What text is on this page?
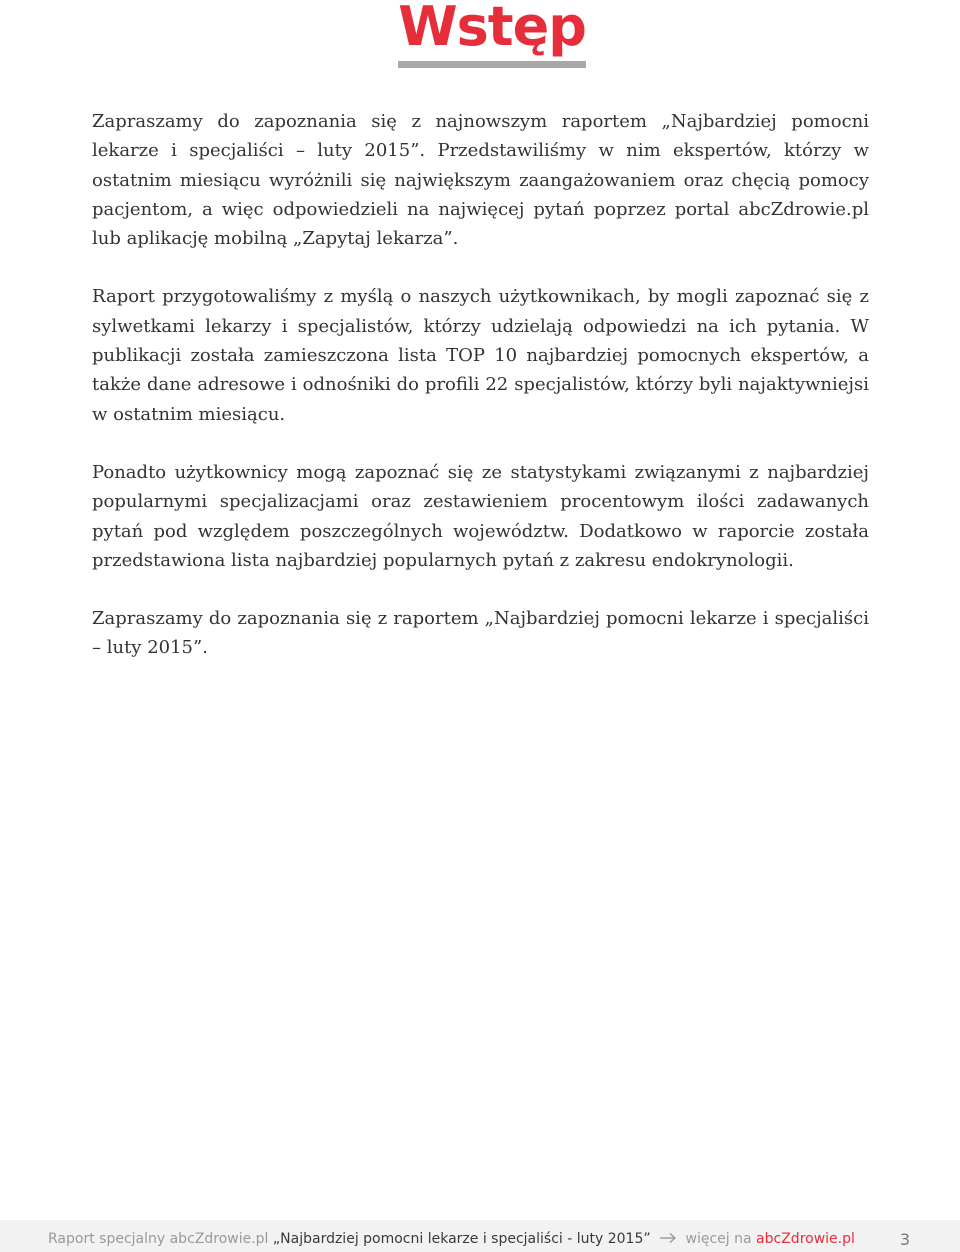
Wstęp

Zapraszamy do zapoznania się z najnowszym raportem „Najbardziej pomocni lekarze i specjaliści – luty 2015”. Przedstawiliśmy w nim ekspertów, którzy w ostatnim miesiącu wyróżnili się największym zaangażowaniem oraz chęcią pomocy pacjentom, a więc odpowiedzieli na najwięcej pytań poprzez portal abcZdrowie.pl lub aplikację mobilną „Zapytaj lekarza”.

Raport przygotowaliśmy z myślą o naszych użytkownikach, by mogli zapoznać się z sylwetkami lekarzy i specjalistów, którzy udzielają odpowiedzi na ich pytania. W publikacji została zamieszczona lista TOP 10 najbardziej pomocnych ekspertów, a także dane adresowe i odnośniki do profili 22 specjalistów, którzy byli najaktywniejsi w ostatnim miesiącu.

Ponadto użytkownicy mogą zapoznać się ze statystykami związanymi z najbardziej popularnymi specjalizacjami oraz zestawieniem procentowym ilości zadawanych pytań pod względem poszczególnych województw. Dodatkowo w raporcie została przedstawiona lista najbardziej popularnych pytań z zakresu endokrynologii.

Zapraszamy do zapoznania się z raportem „Najbardziej pomocni lekarze i specjaliści – luty 2015”.

Raport specjalny abcZdrowie.pl „Najbardziej pomocni lekarze i specjaliści - luty 2015” więcej na abcZdrowie.pl	3
